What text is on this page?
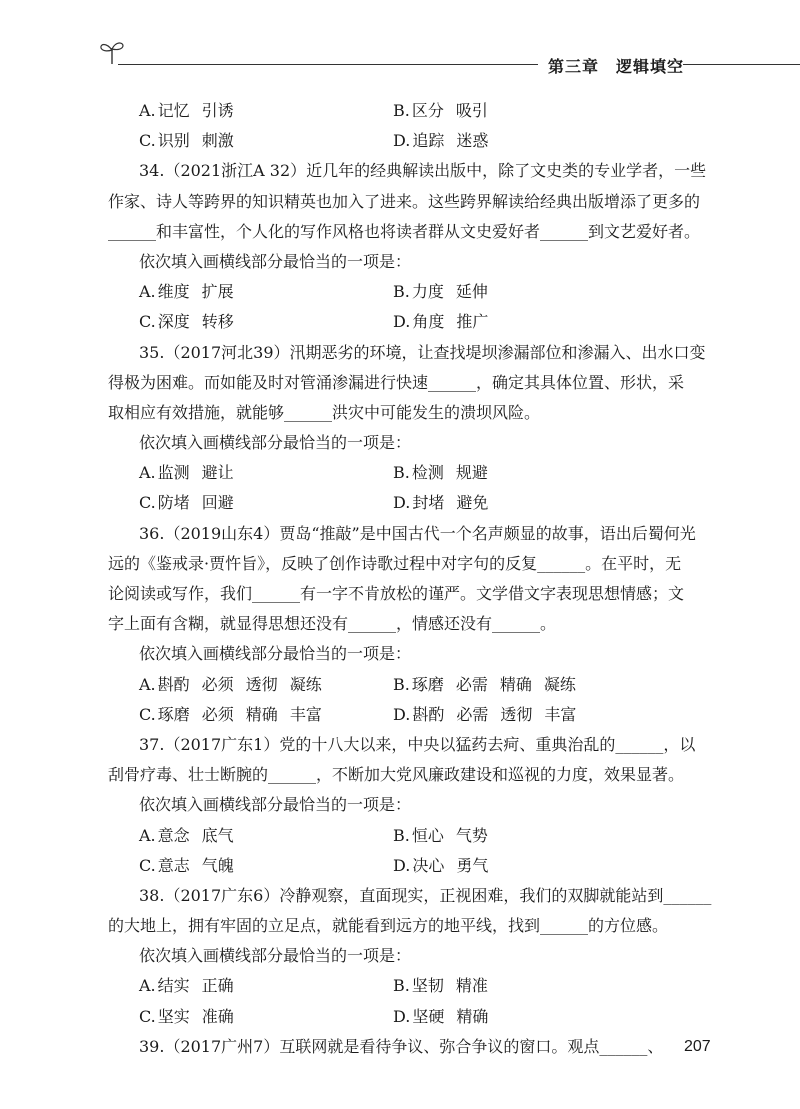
第三章　逻辑填空
A. 记忆 引诱	B. 区分 吸引
C. 识别 刺激	D. 追踪 迷惑
34.（2021浙江A 32）近几年的经典解读出版中，除了文史类的专业学者，一些
作家、诗人等跨界的知识精英也加入了进来。这些跨界解读给经典出版增添了更多的
______和丰富性，个人化的写作风格也将读者群从文史爱好者______到文艺爱好者。
依次填入画横线部分最恰当的一项是：
A. 维度 扩展	B. 力度 延伸
C. 深度 转移	D. 角度 推广
35.（2017河北39）汛期恶劣的环境，让查找堤坝渗漏部位和渗漏入、出水口变
得极为困难。而如能及时对管涌渗漏进行快速______，确定其具体位置、形状，采
取相应有效措施，就能够______洪灾中可能发生的溃坝风险。
依次填入画横线部分最恰当的一项是：
A. 监测 避让	B. 检测 规避
C. 防堵 回避	D. 封堵 避免
36.（2019山东4）贾岛“推敲”是中国古代一个名声颇显的故事，语出后蜀何光
远的《鉴戒录·贾忤旨》，反映了创作诗歌过程中对字句的反复______。在平时，无
论阅读或写作，我们______有一字不肯放松的谨严。文学借文字表现思想情感；文
字上面有含糊，就显得思想还没有______，情感还没有______。
依次填入画横线部分最恰当的一项是：
A. 斟酌 必须 透彻 凝练	B. 琢磨 必需 精确 凝练
C. 琢磨 必须 精确 丰富	D. 斟酌 必需 透彻 丰富
37.（2017广东1）党的十八大以来，中央以猛药去疴、重典治乱的______，以
刮骨疗毒、壮士断腕的______，不断加大党风廉政建设和巡视的力度，效果显著。
依次填入画横线部分最恰当的一项是：
A. 意念 底气	B. 恒心 气势
C. 意志 气魄	D. 决心 勇气
38.（2017广东6）冷静观察，直面现实，正视困难，我们的双脚就能站到______
的大地上，拥有牢固的立足点，就能看到远方的地平线，找到______的方位感。
依次填入画横线部分最恰当的一项是：
A. 结实 正确	B. 坚韧 精准
C. 坚实 准确	D. 坚硬 精确
39.（2017广州7）互联网就是看待争议、弥合争议的窗口。观点______、	207
